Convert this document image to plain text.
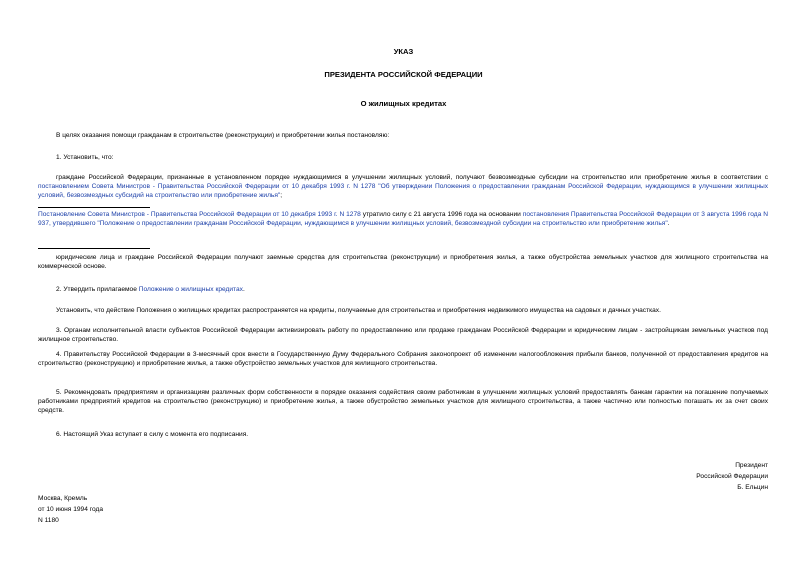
УКАЗ
ПРЕЗИДЕНТА РОССИЙСКОЙ ФЕДЕРАЦИИ
О жилищных кредитах
В целях оказания помощи гражданам в строительстве (реконструкции) и приобретении жилья постановляю:
1. Установить, что:
граждане Российской Федерации, признанные в установленном порядке нуждающимися в улучшении жилищных условий, получают безвозмездные субсидии на строительство или приобретение жилья в соответствии с постановлением Совета Министров - Правительства Российской Федерации от 10 декабря 1993 г. N 1278 "Об утверждении Положения о предоставлении гражданам Российской Федерации, нуждающимся в улучшении жилищных условий, безвозмездных субсидий на строительство или приобретение жилья";
Постановление Совета Министров - Правительства Российской Федерации от 10 декабря 1993 г. N 1278 утратило силу с 21 августа 1996 года на основании постановления Правительства Российской Федерации от 3 августа 1996 года N 937, утвердившего "Положение о предоставлении гражданам Российской Федерации, нуждающимся в улучшении жилищных условий, безвозмездной субсидии на строительство или приобретение жилья".
юридические лица и граждане Российской Федерации получают заемные средства для строительства (реконструкции) и приобретения жилья, а также обустройства земельных участков для жилищного строительства на коммерческой основе.
2. Утвердить прилагаемое Положение о жилищных кредитах.
Установить, что действие Положения о жилищных кредитах распространяется на кредиты, получаемые для строительства и приобретения недвижимого имущества на садовых и дачных участках.
3. Органам исполнительной власти субъектов Российской Федерации активизировать работу по предоставлению или продаже гражданам Российской Федерации и юридическим лицам - застройщикам земельных участков под жилищное строительство.
4. Правительству Российской Федерации в 3-месячный срок внести в Государственную Думу Федерального Собрания законопроект об изменении налогообложения прибыли банков, полученной от предоставления кредитов на строительство (реконструкцию) и приобретение жилья, а также обустройство земельных участков для жилищного строительства.
5. Рекомендовать предприятиям и организациям различных форм собственности в порядке оказания содействия своим работникам в улучшении жилищных условий предоставлять банкам гарантии на погашение получаемых работниками предприятий кредитов на строительство (реконструкцию) и приобретение жилья, а также обустройство земельных участков для жилищного строительства, а также частично или полностью погашать их за счет своих средств.
6. Настоящий Указ вступает в силу с момента его подписания.
Президент
Российской Федерации
Б. Ельцин
Москва, Кремль
от 10 июня 1994 года
N 1180
